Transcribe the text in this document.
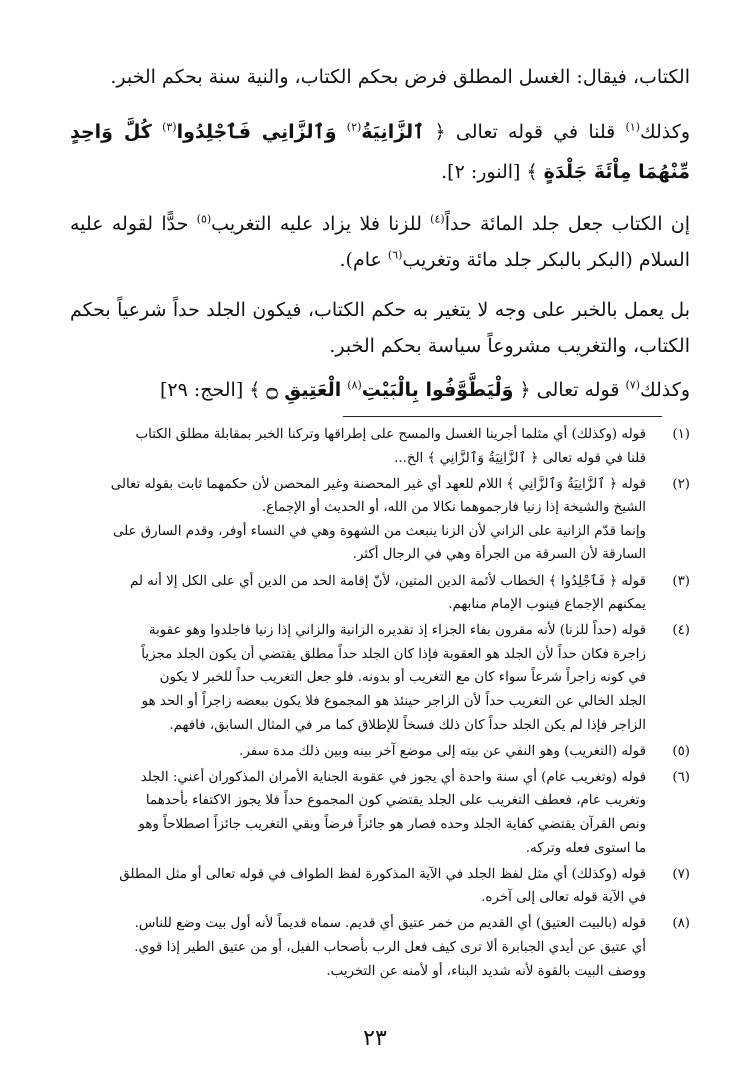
الكتاب، فيقال: الغسل المطلق فرض بحكم الكتاب، والنية سنة بحكم الخبر.

وكذلك$^{(١)}$ قلنا في قوله تعالى ﴿ ٱلزَّانِيَةُ$^{(٢)}$ وَٱلزَّانِي فَٱجْلِدُوا$^{(٣)}$ كُلَّ وَاحِدٍ مِّنْهُمَا مِاْئَةَ جَلْدَةٍ ﴾ [النور: ٢].

إن الكتاب جعل جلد المائة حداً$^{(٤)}$ للزنا فلا يزاد عليه التغريب$^{(٥)}$ حدًّا لقوله عليه السلام (البكر بالبكر جلد مائة وتغريب$^{(٦)}$ عام).

بل يعمل بالخبر على وجه لا يتغير به حكم الكتاب، فيكون الجلد حداً شرعياً بحكم الكتاب، والتغريب مشروعاً سياسة بحكم الخبر.

وكذلك$^{(٧)}$ قوله تعالى ﴿ وَلْيَطَّوَّفُوا بِالْبَيْتِ$^{(٨)}$ الْعَتِيقِ ۝ ﴾ [الحج: ٢٩]

(١)
قوله (وكذلك) أي مثلما أجرينا الغسل والمسح على إطراقها وتركنا الخبر بمقابلة مطلق الكتاب
قلنا في قوله تعالى ﴿ ٱلزَّانِيَةُ وَٱلزَّانِي ﴾ الخ...
(٢)
قوله ﴿ ٱلزَّانِيَةُ وَٱلزَّانِي ﴾ اللام للعهد أي غير المحصنة وغير المحصن لأن حكمهما ثابت بقوله تعالى
الشيخ والشيخة إذا زنيا فارجموهما نكالا من الله، أو الحديث أو الإجماع.
وإنما قدّم الزانية على الزاني لأن الزنا ينبعث من الشهوة وهي في النساء أوفر، وقدم السارق على
السارقة لأن السرقة من الجرأة وهي في الرجال أكثر.
(٣)
قوله ﴿ فَٱجْلِدُوا ﴾ الخطاب لأئمة الدين المتين، لأنّ إقامة الحد من الدين أي على الكل إلا أنه لم
يمكنهم الإجماع فينوب الإمام منابهم.
(٤)
قوله (حداً للزنا) لأنه مقرون بفاء الجزاء إذ تقديره الزانية والزاني إذا زنيا فاجلدوا وهو عقوبة
زاجرة فكان حداً لأن الجلد هو العقوبة فإذا كان الجلد حداً مطلق يقتضي أن يكون الجلد مجزياً
في كونه زاجراً شرعاً سواء كان مع التغريب أو بدونه. فلو جعل التغريب حداً للخبر لا يكون
الجلد الخالي عن التغريب حداً لأن الزاجر حينئذ هو المجموع فلا يكون ببعضه زاجراً أو الحد هو
الزاجر فإذا لم يكن الجلد حداً كان ذلك فسخاً للإطلاق كما مر في المثال السابق، فافهم.
(٥)
قوله (التغريب) وهو النفي عن بيته إلى موضع آخر بينه وبين ذلك مدة سفر.
(٦)
قوله (وتغريب عام) أي سنة واحدة أي يجوز في عقوبة الجناية الأمران المذكوران أعني: الجلد
وتغريب عام، فعطف التغريب على الجلد يقتضي كون المجموع حداً فلا يجوز الاكتفاء بأحدهما
ونص القرآن يقتضي كفاية الجلد وحده فصار هو جائزاً فرضاً وبقي التغريب جائزاً اصطلاحاً وهو
ما استوى فعله وتركه.
(٧)
قوله (وكذلك) أي مثل لفظ الجلد في الآية المذكورة لفظ الطواف في قوله تعالى أو مثل المطلق
في الآية قوله تعالى إلى آخره.
(٨)
قوله (بالبيت العتيق) أي القديم من خمر عتيق أي قديم. سماه قديماً لأنه أول بيت وضع للناس.
أي عتيق عن أيدي الجبابرة ألا ترى كيف فعل الرب بأصحاب الفيل، أو من عتيق الطير إذا قوي.
ووصف البيت بالقوة لأنه شديد البناء، أو لأمنه عن التخريب.
٢٣
